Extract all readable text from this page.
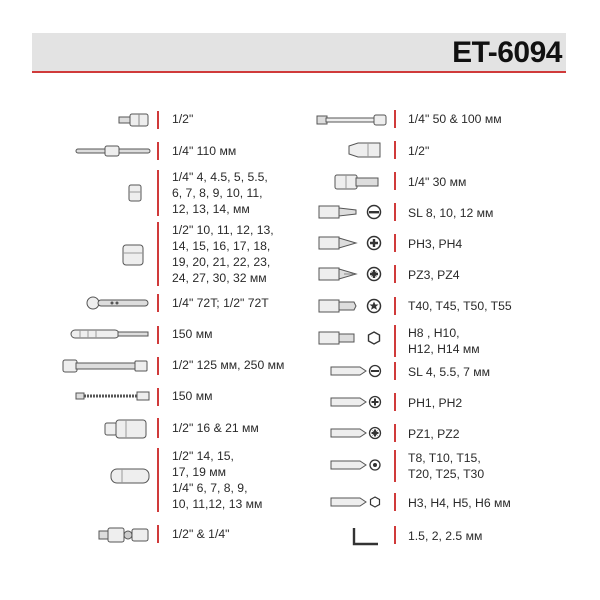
ET-6094
1/2"
1/4" 110 мм
1/4" 4, 4.5, 5, 5.5,
6, 7, 8, 9, 10, 11,
12, 13, 14, мм
1/2" 10, 11, 12, 13,
14, 15, 16, 17, 18,
19, 20, 21, 22, 23,
24, 27, 30, 32 мм
1/4" 72T; 1/2" 72T
150 мм
1/2" 125 мм, 250 мм
150 мм
1/2" 16 & 21 мм
1/2" 14, 15,
17, 19 мм
1/4" 6, 7, 8, 9,
10, 11,12, 13 мм
1/2" & 1/4"
1/4" 50 & 100 мм
1/2"
1/4" 30 мм
SL 8, 10, 12 мм
PH3, PH4
PZ3, PZ4
T40, T45, T50, T55
H8 , H10,
H12, H14 мм
SL 4, 5.5, 7 мм
PH1, PH2
PZ1, PZ2
T8, T10, T15,
T20, T25, T30
H3, H4, H5, H6 мм
1.5, 2, 2.5 мм
